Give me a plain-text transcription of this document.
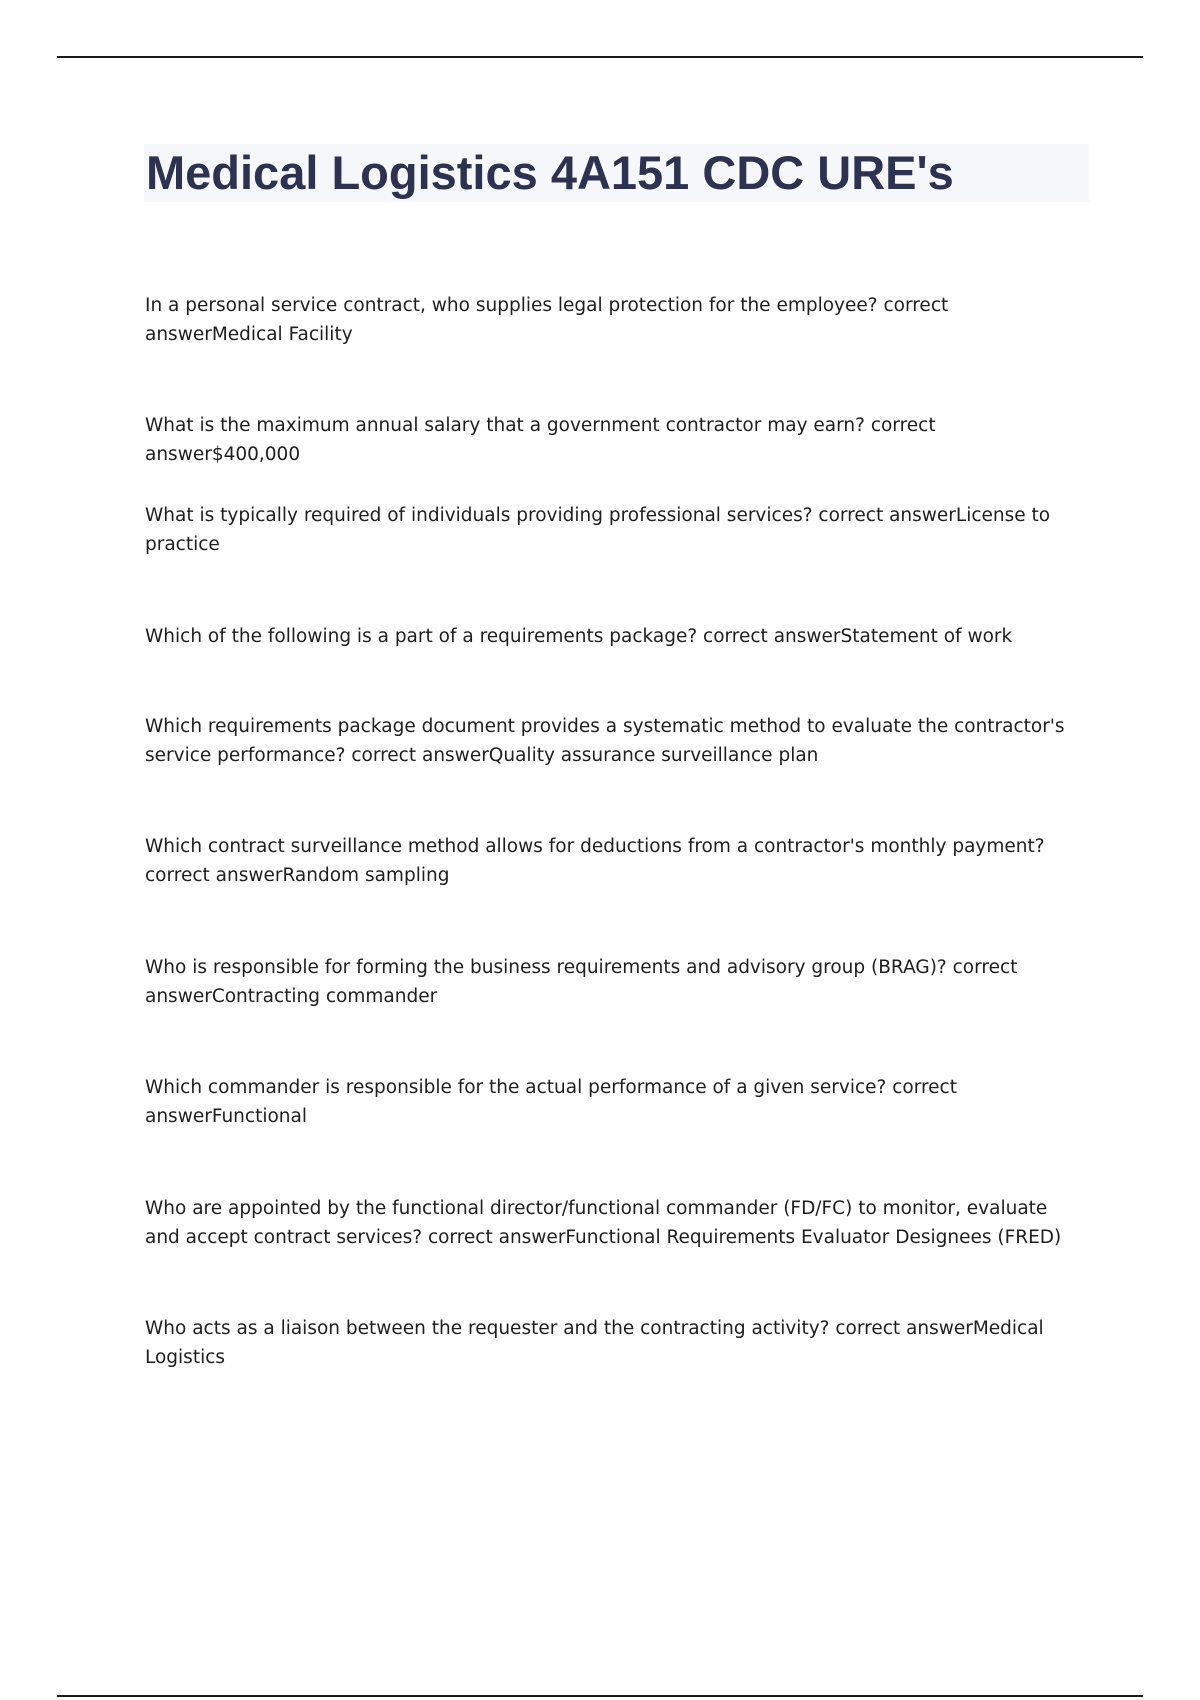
Medical Logistics 4A151 CDC URE's

In a personal service contract, who supplies legal protection for the employee? correct answerMedical Facility

What is the maximum annual salary that a government contractor may earn? correct answer$400,000

What is typically required of individuals providing professional services? correct answerLicense to practice

Which of the following is a part of a requirements package? correct answerStatement of work

Which requirements package document provides a systematic method to evaluate the contractor's service performance? correct answerQuality assurance surveillance plan

Which contract surveillance method allows for deductions from a contractor's monthly payment? correct answerRandom sampling

Who is responsible for forming the business requirements and advisory group (BRAG)? correct answerContracting commander

Which commander is responsible for the actual performance of a given service? correct answerFunctional

Who are appointed by the functional director/functional commander (FD/FC) to monitor, evaluate and accept contract services? correct answerFunctional Requirements Evaluator Designees (FRED)

Who acts as a liaison between the requester and the contracting activity? correct answerMedical Logistics
